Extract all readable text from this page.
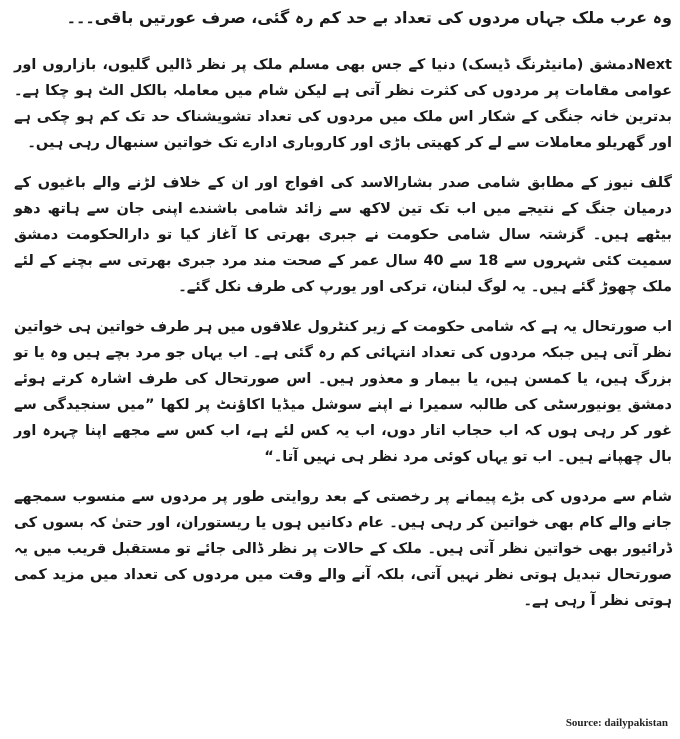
وہ عرب ملک جہاں مردوں کی تعداد بے حد کم رہ گئی، صرف عورتیں باقی۔۔۔

Nextدمشق (مانیٹرنگ ڈیسک) دنیا کے جس بھی مسلم ملک پر نظر ڈالیں گلیوں، بازاروں اور عوامی مقامات پر مردوں کی کثرت نظر آتی ہے لیکن شام میں معاملہ بالکل الٹ ہو چکا ہے۔ بدترین خانہ جنگی کے شکار اس ملک میں مردوں کی تعداد تشویشناک حد تک کم ہو چکی ہے اور گھریلو معاملات سے لے کر کھیتی باڑی اور کاروباری ادارے تک خواتین سنبھال رہی ہیں۔

گلف نیوز کے مطابق شامی صدر بشارالاسد کی افواج اور ان کے خلاف لڑنے والے باغیوں کے درمیان جنگ کے نتیجے میں اب تک تین لاکھ سے زائد شامی باشندے اپنی جان سے ہاتھ دھو بیٹھے ہیں۔ گزشتہ سال شامی حکومت نے جبری بھرتی کا آغاز کیا تو دارالحکومت دمشق سمیت کئی شہروں سے 18 سے 40 سال عمر کے صحت مند مرد جبری بھرتی سے بچنے کے لئے ملک چھوڑ گئے ہیں۔ یہ لوگ لبنان، ترکی اور یورپ کی طرف نکل گئے۔

اب صورتحال یہ ہے کہ شامی حکومت کے زیر کنٹرول علاقوں میں ہر طرف خواتین ہی خواتین نظر آتی ہیں جبکہ مردوں کی تعداد انتہائی کم رہ گئی ہے۔ اب یہاں جو مرد بچے ہیں وہ یا تو بزرگ ہیں، یا کمسن ہیں، یا بیمار و معذور ہیں۔ اس صورتحال کی طرف اشارہ کرتے ہوئے دمشق یونیورسٹی کی طالبہ سمیرا نے اپنے سوشل میڈیا اکاﺅنٹ پر لکھا ”میں سنجیدگی سے غور کر رہی ہوں کہ اب حجاب اتار دوں، اب یہ کس لئے ہے، اب کس سے مجھے اپنا چہرہ اور بال چھپانے ہیں۔ اب تو یہاں کوئی مرد نظر ہی نہیں آتا۔“

شام سے مردوں کی بڑے پیمانے پر رخصتی کے بعد روایتی طور پر مردوں سے منسوب سمجھے جانے والے کام بھی خواتین کر رہی ہیں۔ عام دکانیں ہوں یا ریستوران، اور حتیٰ کہ بسوں کی ڈرائیور بھی خواتین نظر آتی ہیں۔ ملک کے حالات پر نظر ڈالی جائے تو مستقبل قریب میں یہ صورتحال تبدیل ہوتی نظر نہیں آتی، بلکہ آنے والے وقت میں مردوں کی تعداد میں مزید کمی ہوتی نظر آ رہی ہے۔

Source: dailypakistan
